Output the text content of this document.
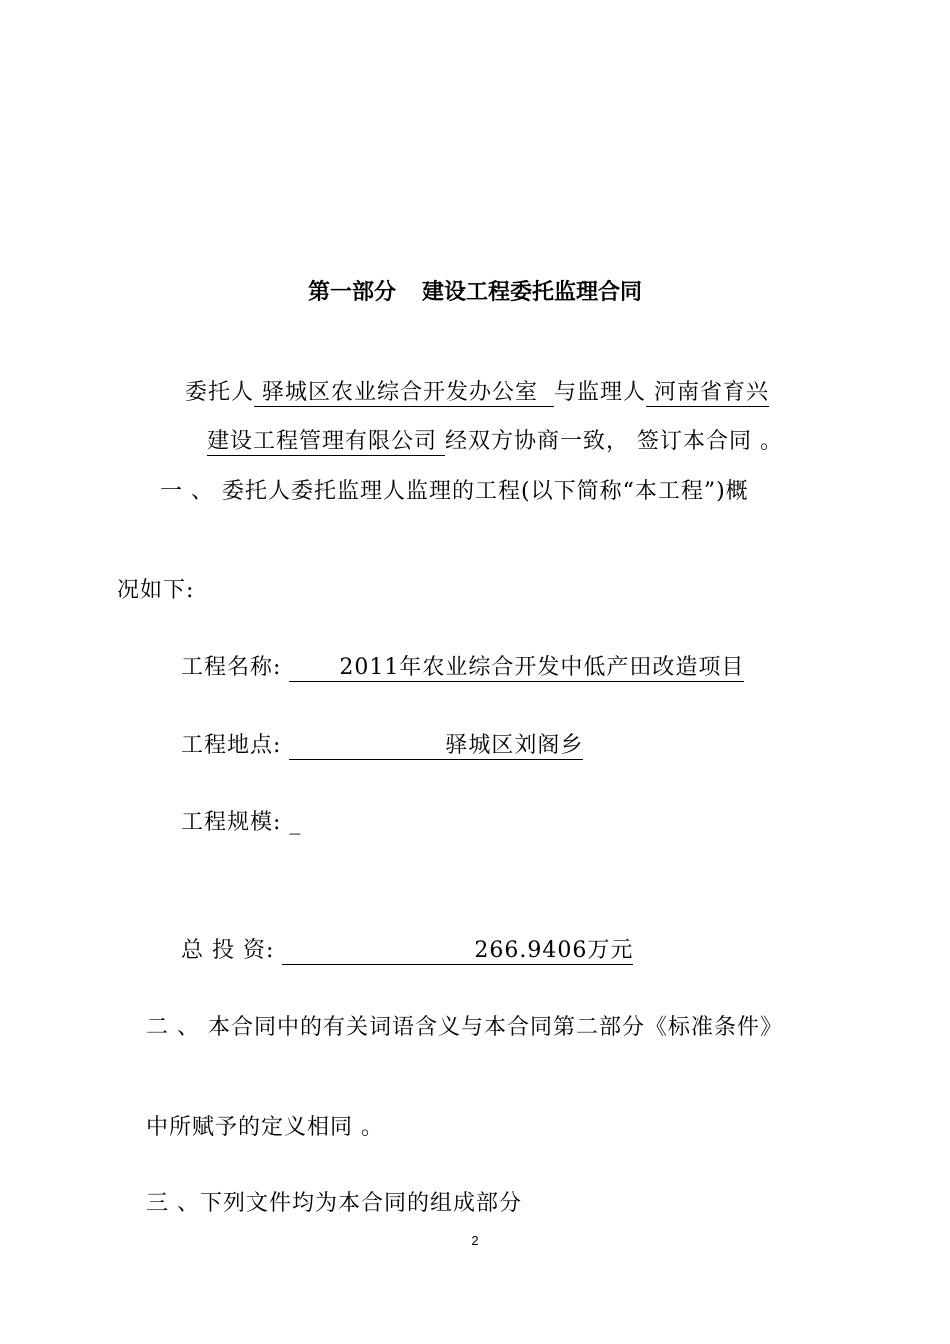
第一部分 建设工程委托监理合同
委托人 驿城区农业综合开发办公室 与监理人 河南省育兴
建设工程管理有限公司 经双方协商一致， 签订本合同 。
一 、 委托人委托监理人监理的工程(以下简称“本工程”)概
况如下:
工程名称:	2011年农业综合开发中低产田改造项目
工程地点:	驿城区刘阁乡
工程规模: _
总 投 资:	266.9406万元
二 、 本合同中的有关词语含义与本合同第二部分《标准条件》
中所赋予的定义相同 。
三 、下列文件均为本合同的组成部分
2
